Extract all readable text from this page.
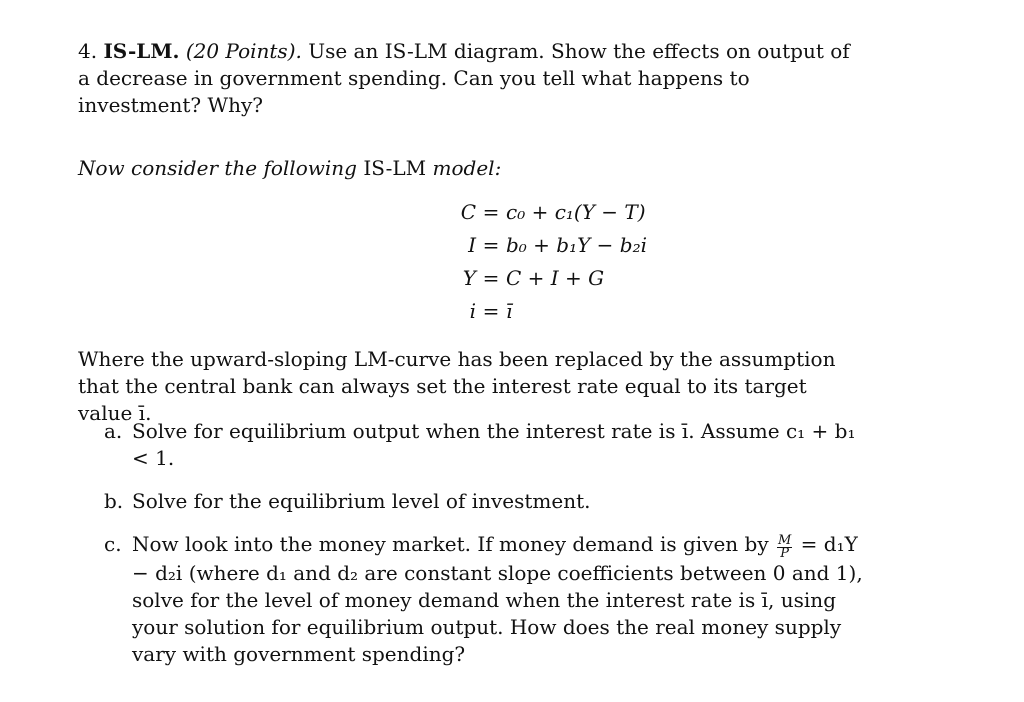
4. IS-LM. (20 Points). Use an IS-LM diagram. Show the effects on output of a decrease in government spending. Can you tell what happens to investment? Why?

Now consider the following IS-LM model:

C = c₀ + c₁(Y − T)
I = b₀ + b₁Y − b₂i
Y = C + I + G
i = ī

Where the upward-sloping LM-curve has been replaced by the assumption that the central bank can always set the interest rate equal to its target value ī.

a. Solve for equilibrium output when the interest rate is ī. Assume c₁ + b₁ < 1.
b. Solve for the equilibrium level of investment.
c. Now look into the money market. If money demand is given by $\frac{M}{P} = d_1Y - d_2i$ (where d₁ and d₂ are constant slope coefficients between 0 and 1), solve for the level of money demand when the interest rate is ī, using your solution for equilibrium output. How does the real money supply vary with government spending?
